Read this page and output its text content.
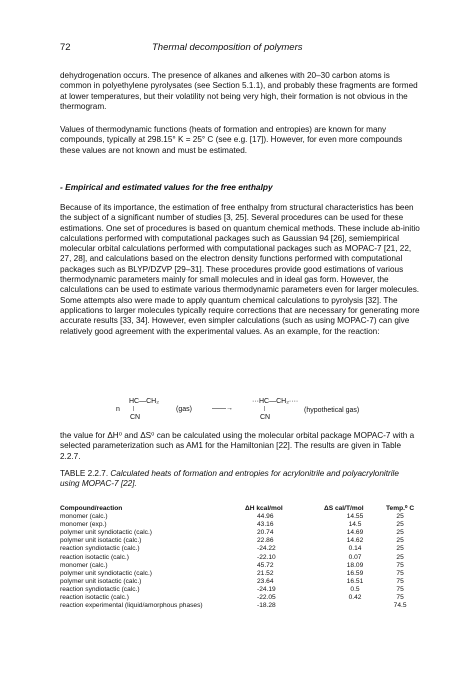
72	Thermal decomposition of polymers

dehydrogenation occurs. The presence of alkanes and alkenes with 20–30 carbon atoms is common in polyethylene pyrolysates (see Section 5.1.1), and probably these fragments are formed at lower temperatures, but their volatility not being very high, their formation is not obvious in the thermogram.

Values of thermodynamic functions (heats of formation and entropies) are known for many compounds, typically at 298.15° K = 25° C (see e.g. [17]). However, for even more compounds these values are not known and must be estimated.

- Empirical and estimated values for the free enthalpy

Because of its importance, the estimation of free enthalpy from structural characteristics has been the subject of a significant number of studies [3, 25]. Several procedures can be used for these estimations. One set of procedures is based on quantum chemical methods. These include ab-initio calculations performed with computational packages such as Gaussian 94 [26], semiempirical molecular orbital calculations performed with computational packages such as MOPAC-7 [21, 22, 27, 28], and calculations based on the electron density functions performed with computational packages such as BLYP/DZVP [29–31]. These procedures provide good estimations of various thermodynamic parameters mainly for small molecules and in ideal gas form. However, the calculations can be used to estimate various thermodynamic parameters even for larger molecules. Some attempts also were made to apply quantum chemical calculations to pyrolysis [32]. The applications to larger molecules typically require corrections that are necessary for generating more accurate results [33, 34]. However, even simpler calculations (such as using MOPAC-7) can give relatively good agreement with the experimental values. As an example, for the reaction:

HC—CH₂
n |
CN
(gas)	——→
···HC—CH₂····
|
CN
(hypothetical gas)

the value for ΔH⁰ and ΔS⁰ can be calculated using the molecular orbital package MOPAC-7 with a selected parameterization such as AM1 for the Hamiltonian [22]. The results are given in Table 2.2.7.

TABLE 2.2.7. Calculated heats of formation and entropies for acrylonitrile and polyacrylonitrile using MOPAC-7 [22].
Compound/reaction	ΔH kcal/mol	ΔS cal/T/mol	Temp.⁰ C
monomer (calc.)	44.96	14.55	25
monomer (exp.)	43.16	14.5	25
polymer unit syndiotactic (calc.)	20.74	14.69	25
polymer unit isotactic (calc.)	22.86	14.62	25
reaction syndiotactic (calc.)	-24.22	0.14	25
reaction isotactic (calc.)	-22.10	0.07	25
monomer (calc.)	45.72	18.09	75
polymer unit syndiotactic (calc.)	21.52	16.59	75
polymer unit isotactic (calc.)	23.64	16.51	75
reaction syndiotactic (calc.)	-24.19	0.5	75
reaction isotactic (calc.)	-22.05	0.42	75
reaction experimental (liquid/amorphous phases)	-18.28		74.5
